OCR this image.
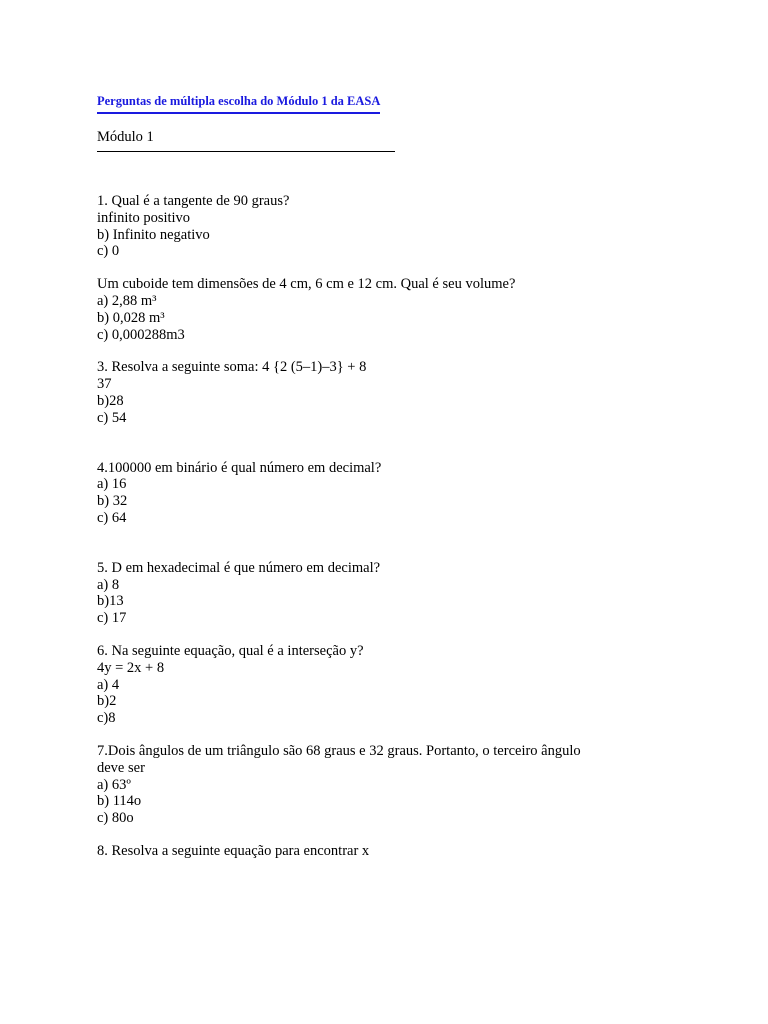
Perguntas de múltipla escolha do Módulo 1 da EASA
Módulo 1
1. Qual é a tangente de 90 graus?
infinito positivo
b) Infinito negativo
c) 0
Um cuboide tem dimensões de 4 cm, 6 cm e 12 cm. Qual é seu volume?
a) 2,88 m³
b) 0,028 m³
c) 0,000288m3
3. Resolva a seguinte soma: 4 {2 (5–1)–3} + 8
37
b)28
c) 54
4.100000 em binário é qual número em decimal?
a) 16
b) 32
c) 64
5. D em hexadecimal é que número em decimal?
a) 8
b)13
c) 17
6. Na seguinte equação, qual é a interseção y?
4y = 2x + 8
a) 4
b)2
c)8
7.Dois ângulos de um triângulo são 68 graus e 32 graus. Portanto, o terceiro ângulo deve ser
a) 63º
b) 114o
c) 80o
8. Resolva a seguinte equação para encontrar x
